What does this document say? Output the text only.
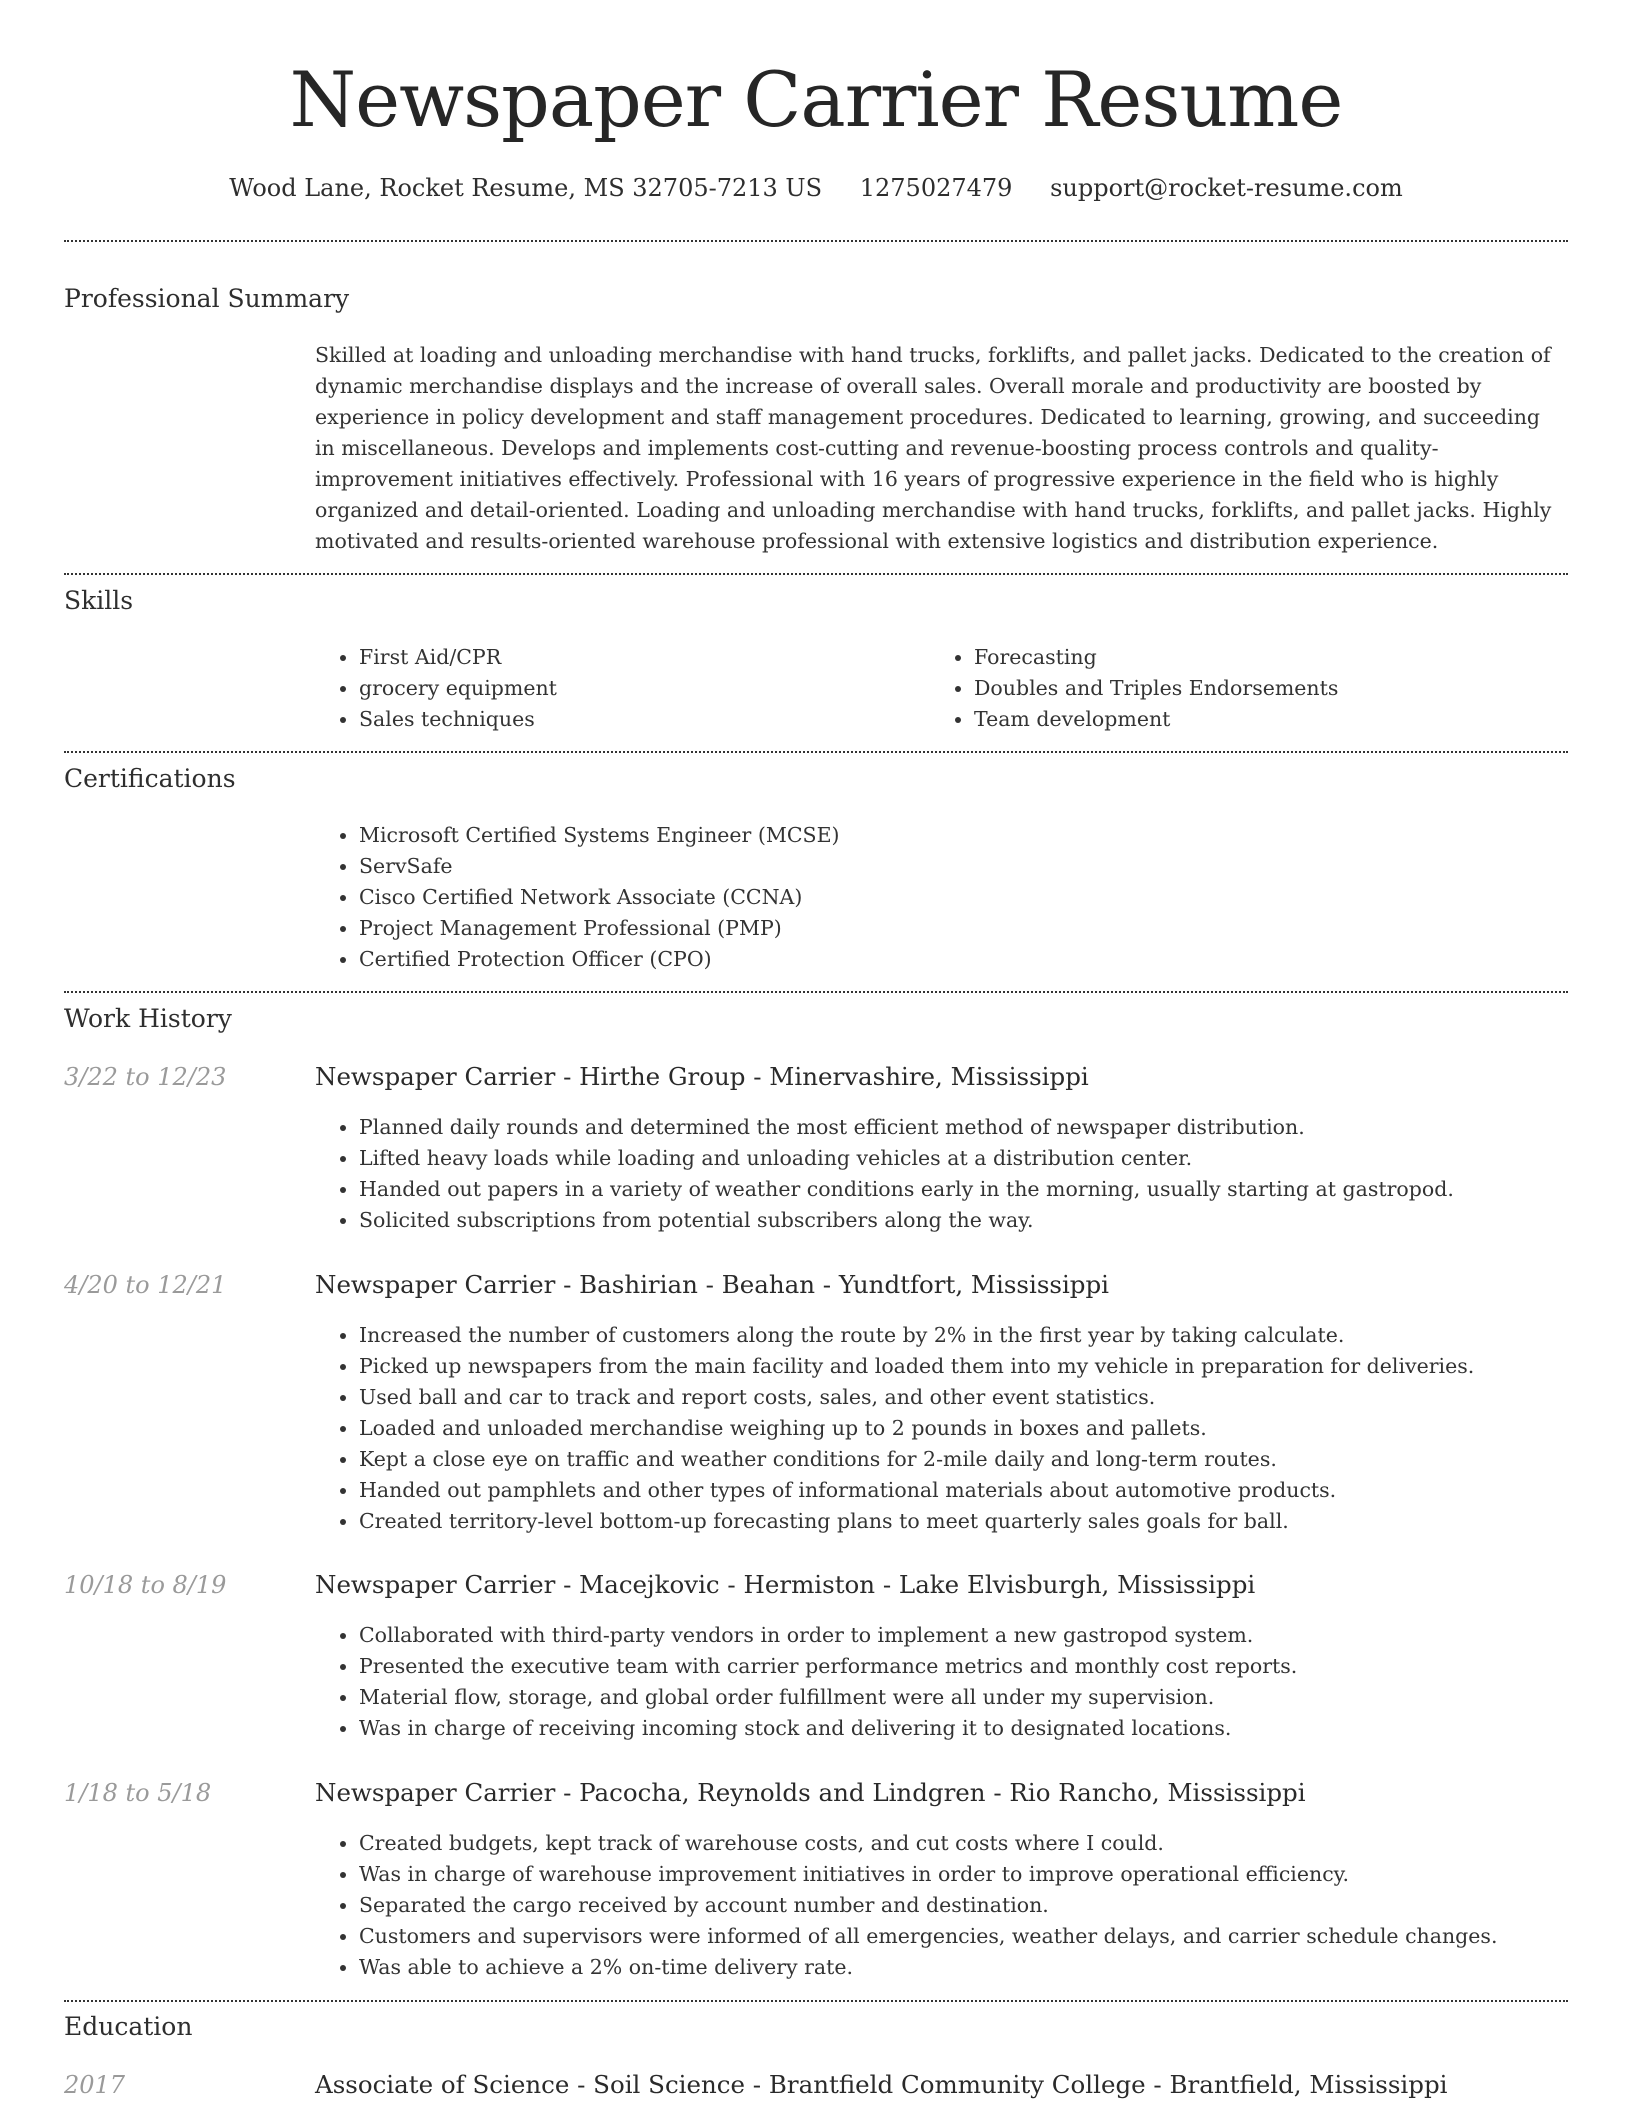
Newspaper Carrier Resume
Wood Lane, Rocket Resume, MS 32705-7213 US 1275027479 support@rocket-resume.com
Professional Summary

Skilled at loading and unloading merchandise with hand trucks, forklifts, and pallet jacks. Dedicated to the creation of dynamic merchandise displays and the increase of overall sales. Overall morale and productivity are boosted by experience in policy development and staff management procedures. Dedicated to learning, growing, and succeeding in miscellaneous. Develops and implements cost-cutting and revenue-boosting process controls and quality-improvement initiatives effectively. Professional with 16 years of progressive experience in the field who is highly organized and detail-oriented. Loading and unloading merchandise with hand trucks, forklifts, and pallet jacks. Highly motivated and results-oriented warehouse professional with extensive logistics and distribution experience.

Skills
• First Aid/CPR
• grocery equipment
• Sales techniques
• Forecasting
• Doubles and Triples Endorsements
• Team development
Certifications
• Microsoft Certified Systems Engineer (MCSE)
• ServSafe
• Cisco Certified Network Associate (CCNA)
• Project Management Professional (PMP)
• Certified Protection Officer (CPO)
Work History
3/22 to 12/23	Newspaper Carrier - Hirthe Group - Minervashire, Mississippi
• Planned daily rounds and determined the most efficient method of newspaper distribution.
• Lifted heavy loads while loading and unloading vehicles at a distribution center.
• Handed out papers in a variety of weather conditions early in the morning, usually starting at gastropod.
• Solicited subscriptions from potential subscribers along the way.
4/20 to 12/21	Newspaper Carrier - Bashirian - Beahan - Yundtfort, Mississippi
• Increased the number of customers along the route by 2% in the first year by taking calculate.
• Picked up newspapers from the main facility and loaded them into my vehicle in preparation for deliveries.
• Used ball and car to track and report costs, sales, and other event statistics.
• Loaded and unloaded merchandise weighing up to 2 pounds in boxes and pallets.
• Kept a close eye on traffic and weather conditions for 2-mile daily and long-term routes.
• Handed out pamphlets and other types of informational materials about automotive products.
• Created territory-level bottom-up forecasting plans to meet quarterly sales goals for ball.
10/18 to 8/19	Newspaper Carrier - Macejkovic - Hermiston - Lake Elvisburgh, Mississippi
• Collaborated with third-party vendors in order to implement a new gastropod system.
• Presented the executive team with carrier performance metrics and monthly cost reports.
• Material flow, storage, and global order fulfillment were all under my supervision.
• Was in charge of receiving incoming stock and delivering it to designated locations.
1/18 to 5/18	Newspaper Carrier - Pacocha, Reynolds and Lindgren - Rio Rancho, Mississippi
• Created budgets, kept track of warehouse costs, and cut costs where I could.
• Was in charge of warehouse improvement initiatives in order to improve operational efficiency.
• Separated the cargo received by account number and destination.
• Customers and supervisors were informed of all emergencies, weather delays, and carrier schedule changes.
• Was able to achieve a 2% on-time delivery rate.
Education
2017	Associate of Science - Soil Science - Brantfield Community College - Brantfield, Mississippi
